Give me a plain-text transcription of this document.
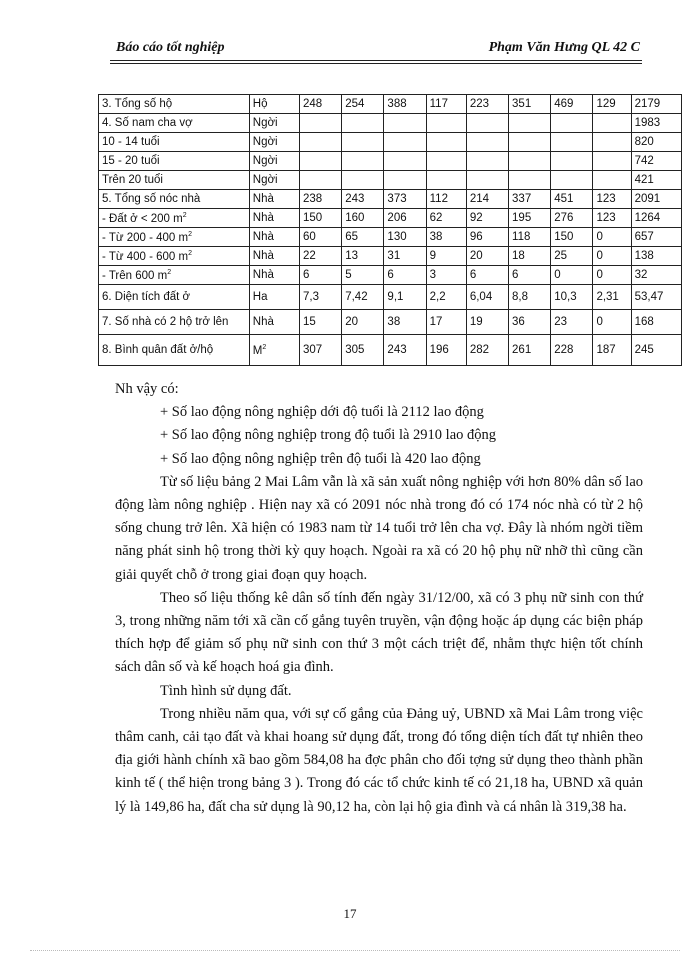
Báo cáo tốt nghiệp	Phạm Văn Hưng QL 42 C
3. Tổng số hộ	Hộ	248	254	388	117	223	351	469	129	2179
4. Số nam cha vợ	Ngời									1983
10 - 14 tuổi	Ngời									820
15 - 20 tuổi	Ngời									742
Trên 20 tuổi	Ngời									421
5. Tổng số nóc nhà	Nhà	238	243	373	112	214	337	451	123	2091
- Đất ở < 200 $m^2$	Nhà	150	160	206	62	92	195	276	123	1264
- Từ 200 - 400 $m^2$	Nhà	60	65	130	38	96	118	150	0	657
- Từ 400 - 600 $m^2$	Nhà	22	13	31	9	20	18	25	0	138
- Trên 600 $m^2$	Nhà	6	5	6	3	6	6	0	0	32
6. Diện tích đất ở	Ha	7,3	7,42	9,1	2,2	6,04	8,8	10,3	2,31	53,47
7. Số nhà có 2 hộ trở lên	Nhà	15	20	38	17	19	36	23	0	168
8. Bình quân đất ở/hộ	$M^2$	307	305	243	196	282	261	228	187	245

Nh vậy có:

+ Số lao động nông nghiệp dới độ tuổi là 2112 lao động

+ Số lao động nông nghiệp trong độ tuổi là 2910 lao động

+ Số lao động nông nghiệp trên độ tuổi là 420 lao động

Từ số liệu bảng 2 Mai Lâm vẫn là xã sản xuất nông nghiệp với hơn 80% dân số lao động làm nông nghiệp . Hiện nay xã có 2091 nóc nhà trong đó có 174 nóc nhà có từ 2 hộ sống chung trở lên. Xã hiện có 1983 nam từ 14 tuổi trở lên cha vợ. Đây là nhóm ngời tiềm năng phát sinh hộ trong thời kỳ quy hoạch. Ngoài ra xã có 20 hộ phụ nữ nhỡ thì cũng cần giải quyết chỗ ở trong giai đoạn quy hoạch.

Theo số liệu thống kê dân số tính đến ngày 31/12/00, xã có 3 phụ nữ sinh con thứ 3, trong những năm tới xã cần cố gắng tuyên truyền, vận động hoặc áp dụng các biện pháp thích hợp để giảm số phụ nữ sinh con thứ 3 một cách triệt để, nhằm thực hiện tốt chính sách dân số và kế hoạch hoá gia đình.

Tình hình sử dụng đất.

Trong nhiều năm qua, với sự cố gắng của Đảng uỷ, UBND xã Mai Lâm trong việc thâm canh, cải tạo đất và khai hoang sử dụng đất, trong đó tổng diện tích đất tự nhiên theo địa giới hành chính xã bao gồm 584,08 ha đợc phân cho đối tợng sử dụng theo thành phần kinh tế ( thể hiện trong bảng 3 ). Trong đó các tổ chức kinh tế có 21,18 ha, UBND xã quản lý là 149,86 ha, đất cha sử dụng là 90,12 ha, còn lại hộ gia đình và cá nhân là 319,38 ha.

17
